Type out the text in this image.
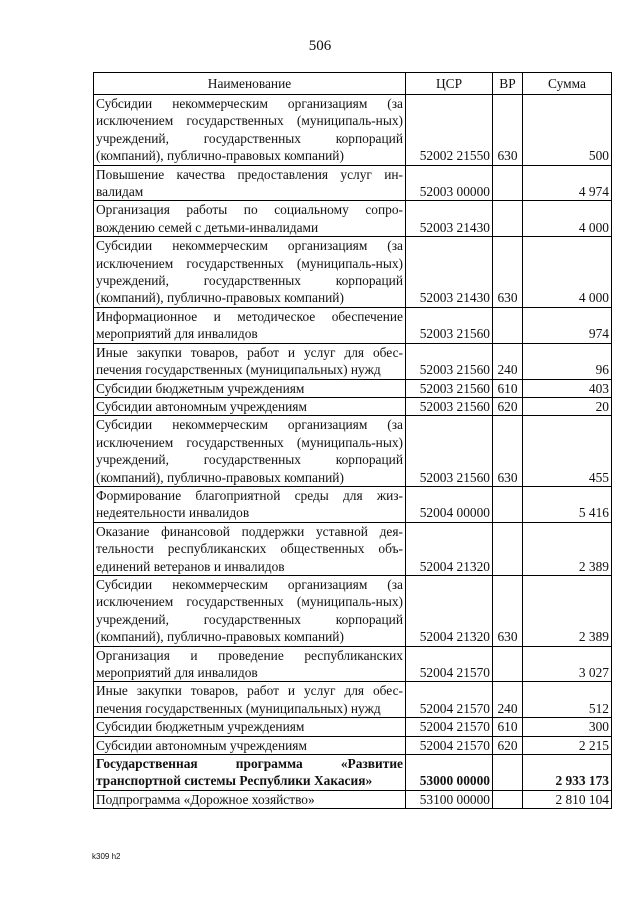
506
Наименование	ЦСР	ВР	Сумма
Субсидии некоммерческим организациям (за исключением государственных (муниципаль-ных) учреждений, государственных корпораций (компаний), публично-правовых компаний)	52002 21550	630	500
Повышение качества предоставления услуг ин-валидам	52003 00000		4 974
Организация работы по социальному сопро-вождению семей с детьми-инвалидами	52003 21430		4 000
Субсидии некоммерческим организациям (за исключением государственных (муниципаль-ных) учреждений, государственных корпораций (компаний), публично-правовых компаний)	52003 21430	630	4 000
Информационное и методическое обеспечение мероприятий для инвалидов	52003 21560		974
Иные закупки товаров, работ и услуг для обес-печения государственных (муниципальных) нужд	52003 21560	240	96
Субсидии бюджетным учреждениям	52003 21560	610	403
Субсидии автономным учреждениям	52003 21560	620	20
Субсидии некоммерческим организациям (за исключением государственных (муниципаль-ных) учреждений, государственных корпораций (компаний), публично-правовых компаний)	52003 21560	630	455
Формирование благоприятной среды для жиз-недеятельности инвалидов	52004 00000		5 416
Оказание финансовой поддержки уставной дея-тельности республиканских общественных объ-единений ветеранов и инвалидов	52004 21320		2 389
Субсидии некоммерческим организациям (за исключением государственных (муниципаль-ных) учреждений, государственных корпораций (компаний), публично-правовых компаний)	52004 21320	630	2 389
Организация и проведение республиканских мероприятий для инвалидов	52004 21570		3 027
Иные закупки товаров, работ и услуг для обес-печения государственных (муниципальных) нужд	52004 21570	240	512
Субсидии бюджетным учреждениям	52004 21570	610	300
Субсидии автономным учреждениям	52004 21570	620	2 215
Государственная программа «Развитие транспортной системы Республики Хакасия»	53000 00000		2 933 173
Подпрограмма «Дорожное хозяйство»	53100 00000		2 810 104
k309 h2
